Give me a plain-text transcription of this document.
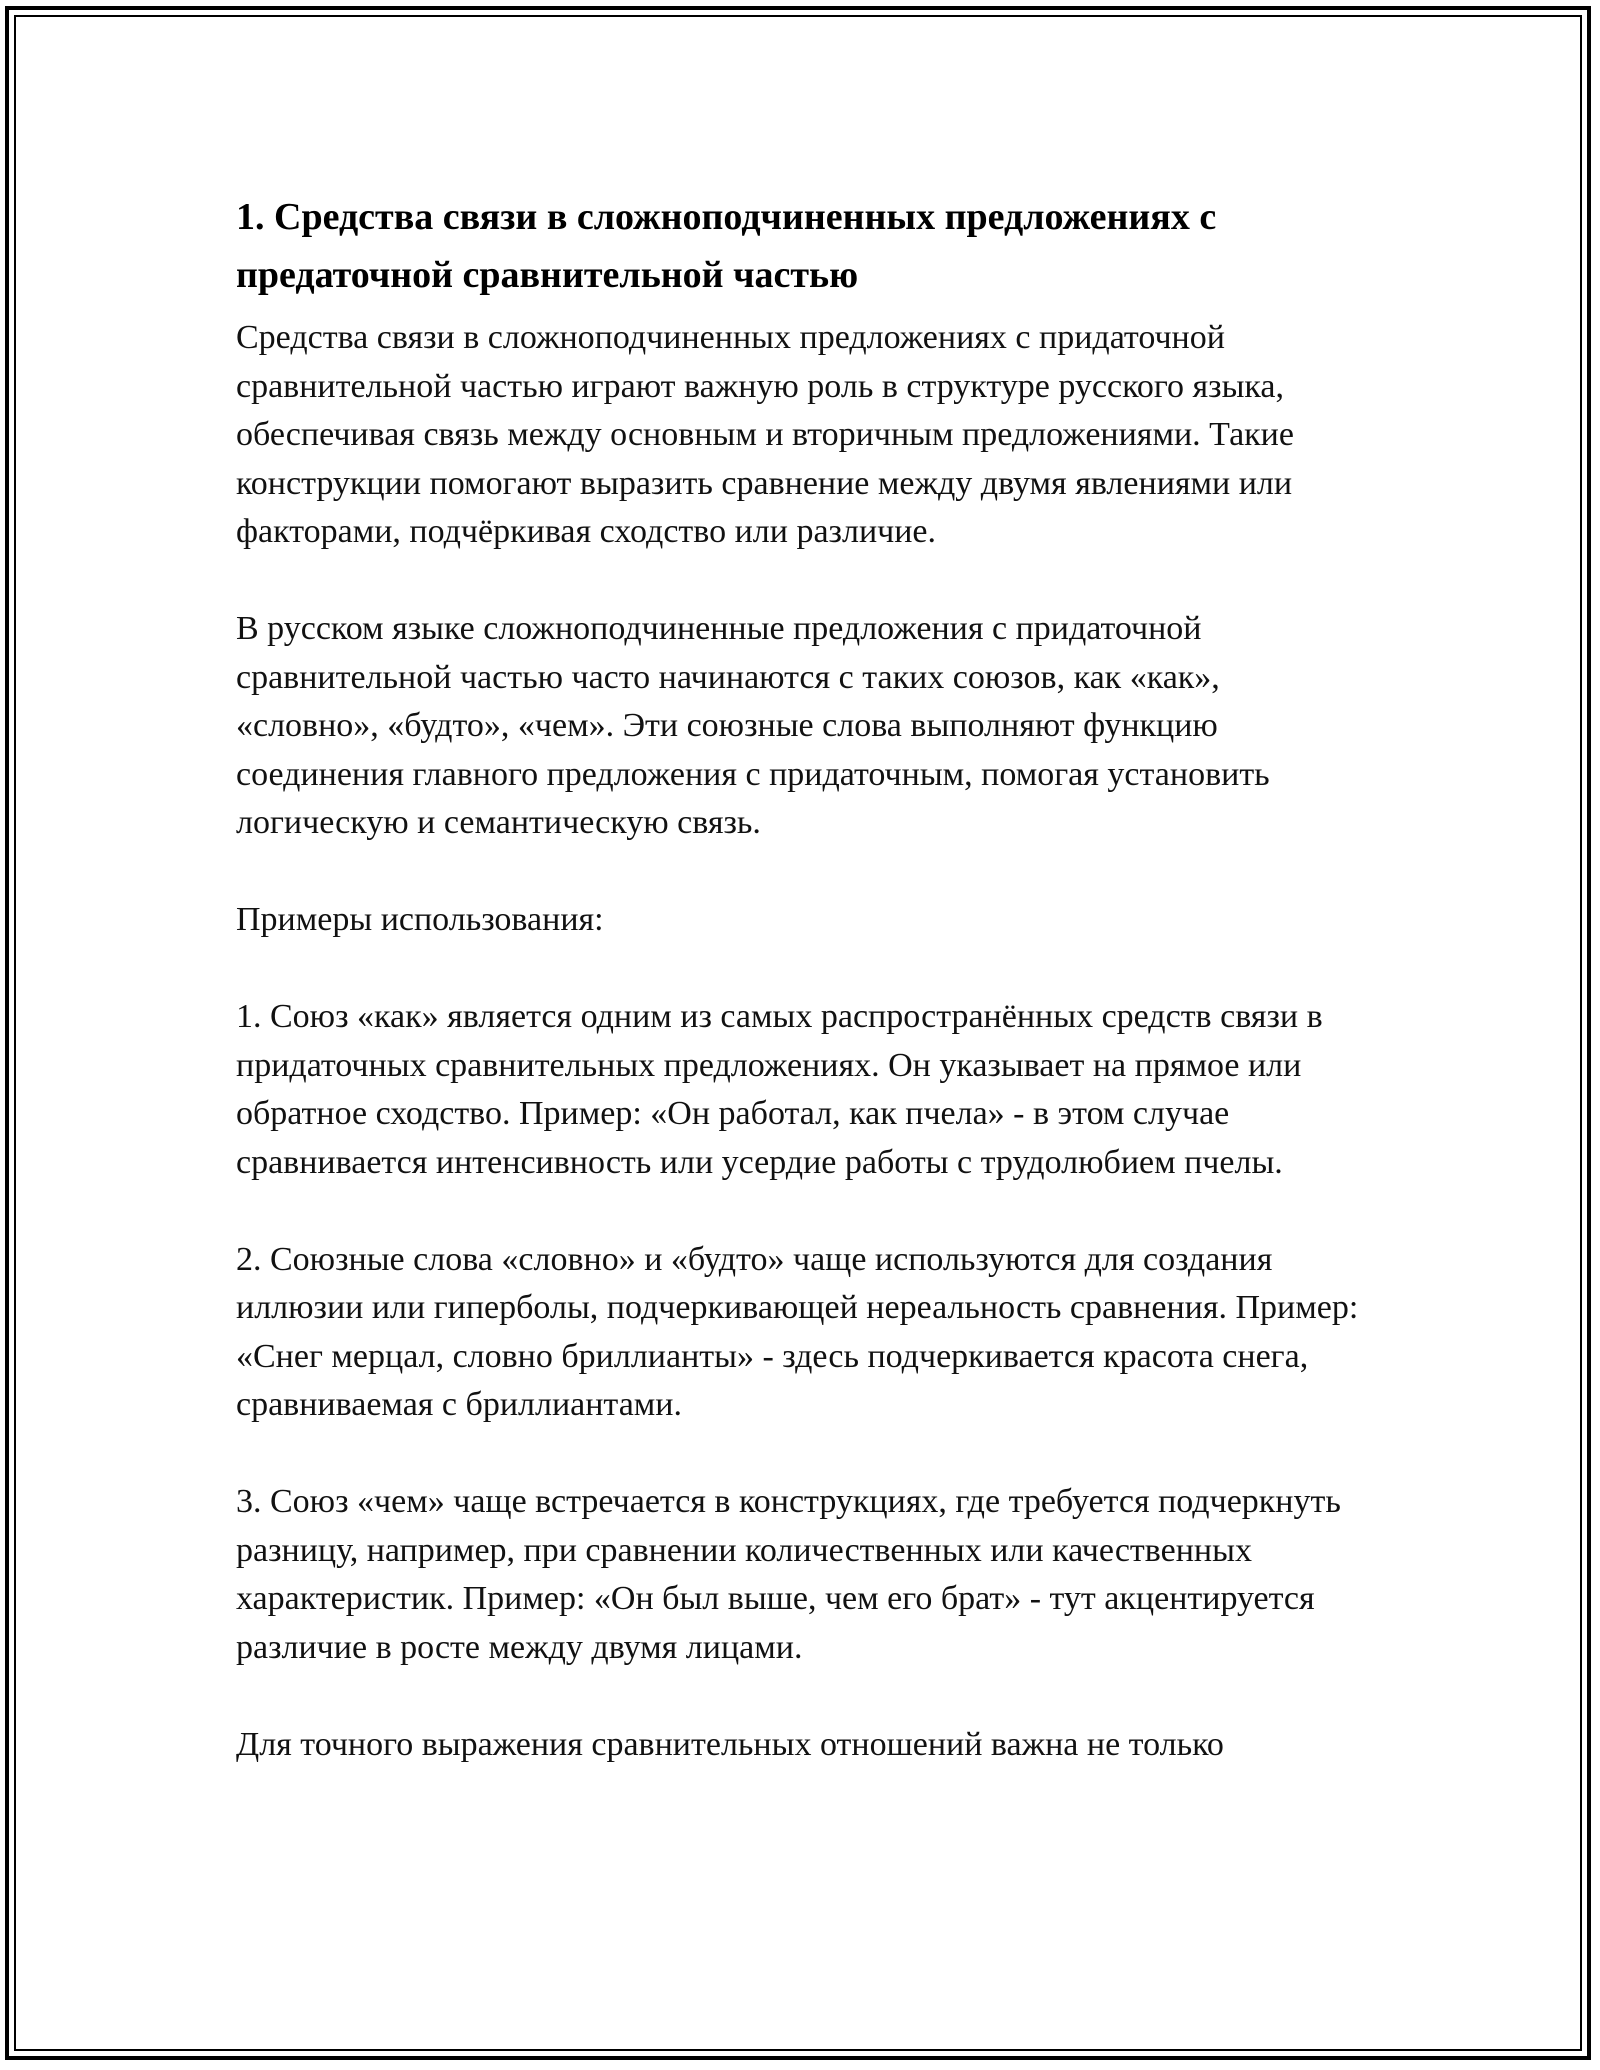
1. Средства связи в сложноподчиненных предложениях с предаточной сравнительной частью

Средства связи в сложноподчиненных предложениях с придаточной сравнительной частью играют важную роль в структуре русского языка, обеспечивая связь между основным и вторичным предложениями. Такие конструкции помогают выразить сравнение между двумя явлениями или факторами, подчёркивая сходство или различие.

В русском языке сложноподчиненные предложения с придаточной сравнительной частью часто начинаются с таких союзов, как «как», «словно», «будто», «чем». Эти союзные слова выполняют функцию соединения главного предложения с придаточным, помогая установить логическую и семантическую связь.

Примеры использования:

1. Союз «как» является одним из самых распространённых средств связи в придаточных сравнительных предложениях. Он указывает на прямое или обратное сходство. Пример: «Он работал, как пчела» - в этом случае сравнивается интенсивность или усердие работы с трудолюбием пчелы.

2. Союзные слова «словно» и «будто» чаще используются для создания иллюзии или гиперболы, подчеркивающей нереальность сравнения. Пример: «Снег мерцал, словно бриллианты» - здесь подчеркивается красота снега, сравниваемая с бриллиантами.

3. Союз «чем» чаще встречается в конструкциях, где требуется подчеркнуть разницу, например, при сравнении количественных или качественных характеристик. Пример: «Он был выше, чем его брат» - тут акцентируется различие в росте между двумя лицами.

Для точного выражения сравнительных отношений важна не только
